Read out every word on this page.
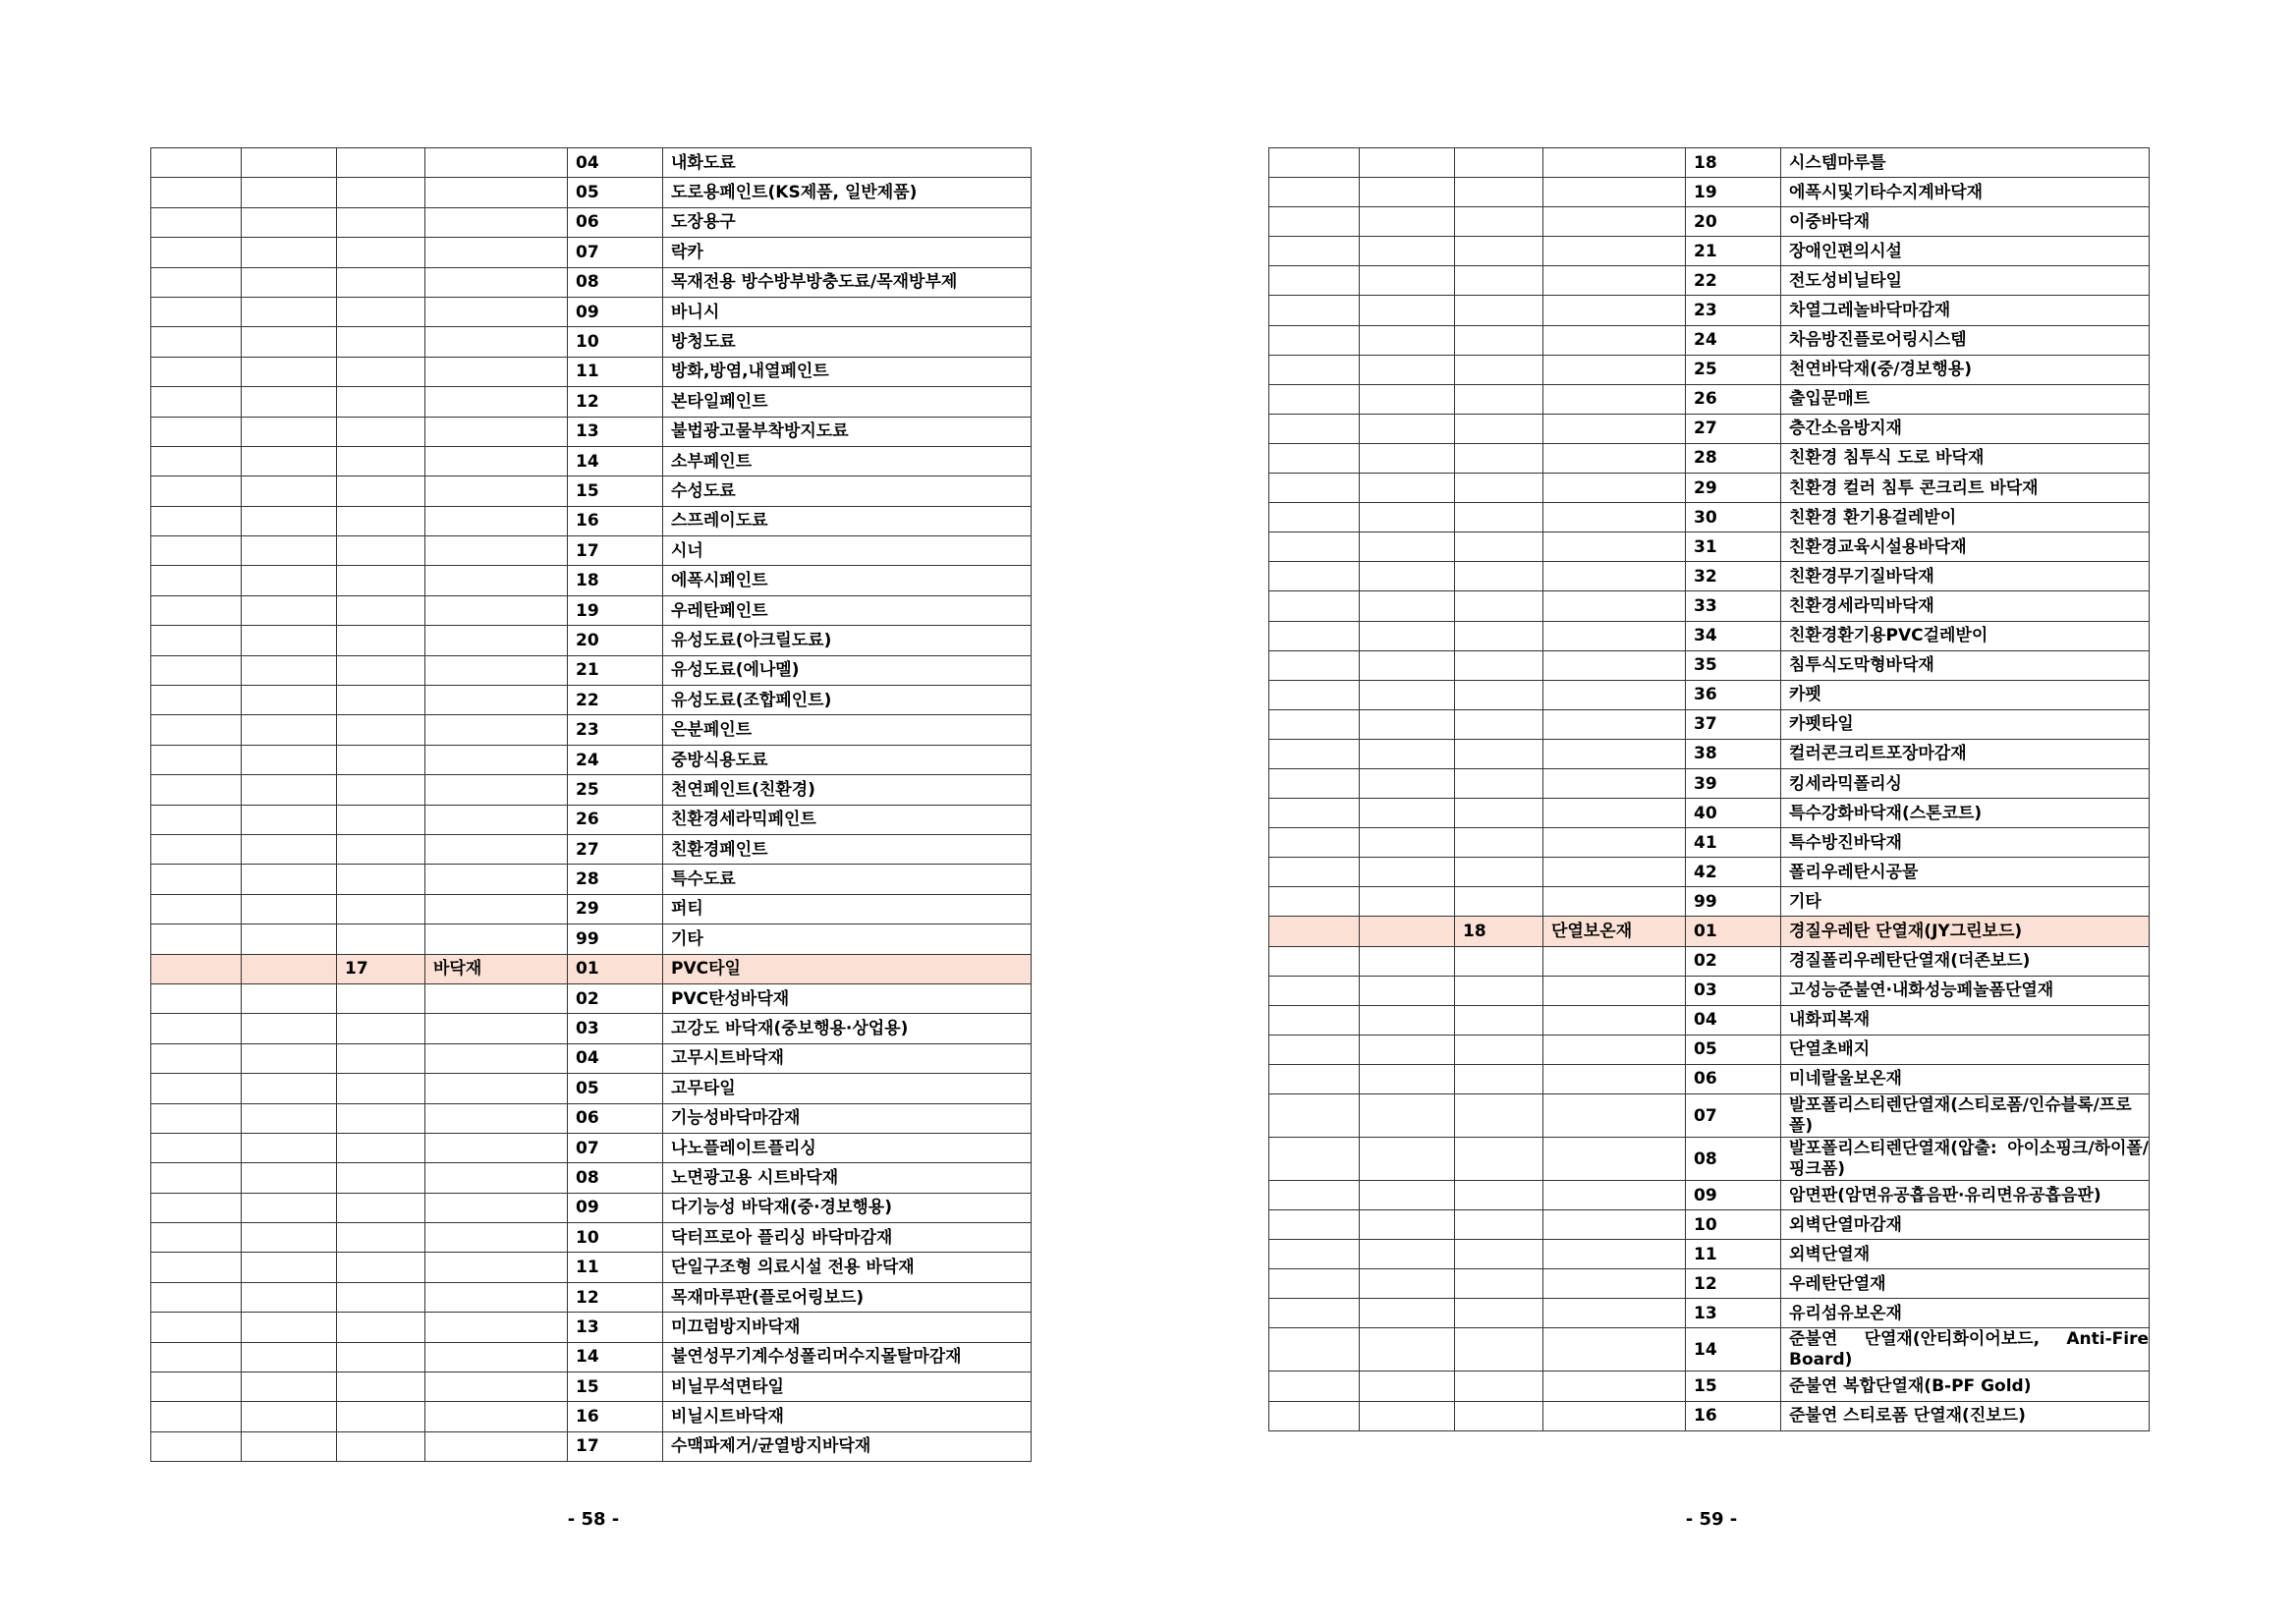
				04	내화도료
				05	도로용페인트(KS제품, 일반제품)
				06	도장용구
				07	락카
				08	목재전용 방수방부방충도료/목재방부제
				09	바니시
				10	방청도료
				11	방화,방염,내열페인트
				12	본타일페인트
				13	불법광고물부착방지도료
				14	소부페인트
				15	수성도료
				16	스프레이도료
				17	시너
				18	에폭시페인트
				19	우레탄페인트
				20	유성도료(아크릴도료)
				21	유성도료(에나멜)
				22	유성도료(조합페인트)
				23	은분페인트
				24	중방식용도료
				25	천연페인트(친환경)
				26	친환경세라믹페인트
				27	친환경페인트
				28	특수도료
				29	퍼티
				99	기타
		17	바닥재	01	PVC타일
				02	PVC탄성바닥재
				03	고강도 바닥재(중보행용·상업용)
				04	고무시트바닥재
				05	고무타일
				06	기능성바닥마감재
				07	나노플레이트플리싱
				08	노면광고용 시트바닥재
				09	다기능성 바닥재(중·경보행용)
				10	닥터프로아 플리싱 바닥마감재
				11	단일구조형 의료시설 전용 바닥재
				12	목재마루판(플로어링보드)
				13	미끄럼방지바닥재
				14	불연성무기계수성폴리머수지몰탈마감재
				15	비닐무석면타일
				16	비닐시트바닥재
				17	수맥파제거/균열방지바닥재
- 58 -
				18	시스템마루틀
				19	에폭시및기타수지계바닥재
				20	이중바닥재
				21	장애인편의시설
				22	전도성비닐타일
				23	차열그레놀바닥마감재
				24	차음방진플로어링시스템
				25	천연바닥재(중/경보행용)
				26	출입문매트
				27	층간소음방지재
				28	친환경 침투식 도로 바닥재
				29	친환경 컬러 침투 콘크리트 바닥재
				30	친환경 환기용걸레받이
				31	친환경교육시설용바닥재
				32	친환경무기질바닥재
				33	친환경세라믹바닥재
				34	친환경환기용PVC걸레받이
				35	침투식도막형바닥재
				36	카펫
				37	카펫타일
				38	컬러콘크리트포장마감재
				39	킹세라믹폴리싱
				40	특수강화바닥재(스톤코트)
				41	특수방진바닥재
				42	폴리우레탄시공물
				99	기타
		18	단열보온재	01	경질우레탄 단열재(JY그린보드)
				02	경질폴리우레탄단열재(더존보드)
				03	고성능준불연·내화성능페놀폼단열재
				04	내화피복재
				05	단열초배지
				06	미네랄울보온재
				07	발포폴리스티렌단열재(스티로폼/인슈블록/프로폴)
				08	발포폴리스티렌단열재(압출: 아이소핑크/하이폴/핑크폼)
				09	암면판(암면유공흡음판·유리면유공흡음판)
				10	외벽단열마감재
				11	외벽단열재
				12	우레탄단열재
				13	유리섬유보온재
				14	준불연 단열재(안티화이어보드, Anti-Fire Board)
				15	준불연 복합단열재(B-PF Gold)
				16	준불연 스티로폼 단열재(진보드)
- 59 -
